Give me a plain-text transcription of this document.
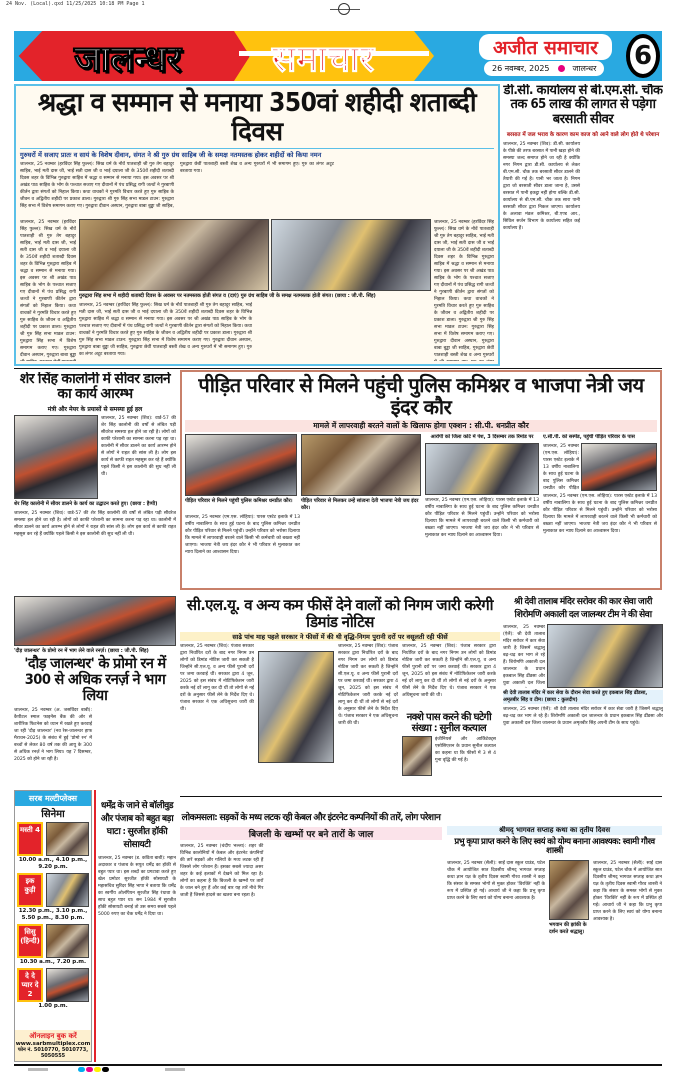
24 Nov. (Local).qxd 11/25/2025 10:18 PM Page 1
जालन्धर	समाचार	अजीत समाचार
26 नवम्बर, 2025	जालन्धर	6
श्रद्धा व सम्मान से मनाया 350वां शहीदी शताब्दी दिवस
गुरुघरों में सजाए प्रातः व सायं के विशेष दीवान, संगत ने श्री गुरु ग्रंथ साहिब जी के समक्ष नतमस्तक होकर शहीदों को किया नमन
जालन्धर, 25 नवम्बर (हरविंदर सिंह फुल्ल): सिख धर्म के नौवें पातशाही श्री गुरु तेग बहादुर साहिब, भाई मती दास जी, भाई सती दास जी व भाई दयाला जी के 350वें शहीदी शताब्दी दिवस शहर के विभिन्न गुरुद्वारा साहिब में श्रद्धा व सम्मान से मनाया गया। इस अवसर पर श्री अखंड पाठ साहिब के भोग के पश्चात सजाए गए दीवानों में पंथ प्रसिद्ध रागी जत्थों ने गुरबाणी कीर्तन द्वारा संगतों को निहाल किया। कथा वाचकों ने गुरमति विचार करते हुए गुरु साहिब के जीवन व अद्वितीय शहीदी पर प्रकाश डाला। गुरुद्वारा श्री गुरु सिंह सभा माडल टाउन: गुरुद्वारा सिंह सभा में विशेष समागम कराए गए। गुरुद्वारा दीवान अस्थान, गुरुद्वारा बाबा बुड्ढा जी साहिब, गुरुद्वारा छेवीं पातशाही बस्ती शेख व अन्य गुरुघरों में भी समागम हुए। गुरु का लंगर अटूट बरताया गया।
जालन्धर, 25 नवम्बर (हरविंदर सिंह फुल्ल): सिख धर्म के नौवें पातशाही श्री गुरु तेग बहादुर साहिब, भाई मती दास जी, भाई सती दास जी व भाई दयाला जी के 350वें शहीदी शताब्दी दिवस शहर के विभिन्न गुरुद्वारा साहिब में श्रद्धा व सम्मान से मनाया गया। इस अवसर पर श्री अखंड पाठ साहिब के भोग के पश्चात सजाए गए दीवानों में पंथ प्रसिद्ध रागी जत्थों ने गुरबाणी कीर्तन द्वारा संगतों को निहाल किया। कथा वाचकों ने गुरमति विचार करते हुए गुरु साहिब के जीवन व अद्वितीय शहीदी पर प्रकाश डाला। गुरुद्वारा श्री गुरु सिंह सभा माडल टाउन: गुरुद्वारा सिंह सभा में विशेष समागम कराए गए। गुरुद्वारा दीवान अस्थान, गुरुद्वारा बाबा बुड्ढा
गुरुद्वारा सिंह सभा में शहीदी शताब्दी दिवस के अवसर पर नतमस्तक होती संगत व (दाएं) गुरु ग्रंथ साहिब जी के समक्ष नतमस्तक होती संगत। (छाया : जी.पी. सिंह)
जालन्धर, 25 नवम्बर (हरविंदर सिंह फुल्ल): सिख धर्म के नौवें पातशाही श्री गुरु तेग बहादुर साहिब, भाई मती दास जी, भाई सती दास जी व भाई दयाला जी के 350वें शहीदी शताब्दी दिवस शहर के विभिन्न गुरुद्वारा साहिब में श्रद्धा व सम्मान से मनाया गया। इस अवसर पर श्री अखंड पाठ साहिब के भोग के पश्चात सजाए गए दीवानों में पंथ प्रसिद्ध रागी जत्थों ने गुरबाणी कीर्तन द्वारा संगतों को निहाल किया। कथा वाचकों ने गुरमति विचार करते हुए गुरु साहिब के जीवन व अद्वितीय शहीदी पर प्रकाश डाला। गुरुद्वारा श्री गुरु सिंह सभा माडल टाउन: गुरुद्वारा सिंह सभा में विशेष समागम कराए गए। गुरुद्वारा दीवान अस्थान, गुरुद्वारा बाबा बुड्ढा जी साहिब, गुरुद्वारा छेवीं पातशाही बस्ती शेख व अन्य गुरुघरों में भी समागम हुए। गुरु का लंगर अटूट बरताया गया।
जालन्धर, 25 नवम्बर (हरविंदर सिंह फुल्ल): सिख धर्म के नौवें पातशाही श्री गुरु तेग बहादुर साहिब, भाई मती दास जी, भाई सती दास जी व भाई दयाला जी के 350वें शहीदी शताब्दी दिवस शहर के विभिन्न गुरुद्वारा साहिब में श्रद्धा व सम्मान से मनाया गया। इस अवसर पर श्री अखंड पाठ साहिब के भोग के पश्चात सजाए गए दीवानों में पंथ प्रसिद्ध रागी जत्थों ने गुरबाणी कीर्तन द्वारा संगतों को निहाल किया। कथा वाचकों ने गुरमति विचार करते हुए गुरु साहिब के जीवन व अद्वितीय शहीदी पर प्रकाश डाला। गुरुद्वारा श्री गुरु सिंह सभा माडल टाउन: गुरुद्वारा सिंह सभा में विशेष समागम कराए गए। गुरुद्वारा दीवान अस्थान, गुरुद्वारा बाबा बुड्ढा जी साहिब, गुरुद्वारा छेवीं पातशाही बस्ती शेख व अन्य गुरुघरों
डी.सी. कार्यालय से बी.एम.सी. चौक तक 65 लाख की लागत से पड़ेगा बरसाती सीवर
बरसात में जल भराव के कारण काम काज को आने वाले लोग होते थे परेशान
जालन्धर, 25 नवम्बर (शिव): डी.सी. कार्यालय के पीछे की तरफ बरसात में पानी खड़ा होने की समस्या जल्द समाप्त होने जा रही है क्योंकि नगर निगम द्वारा डी.सी. कार्यालय से लेकर बी.एम.सी. चौक तक बरसाती सीवर डालने की तैयारी की गई है। पानी भर जाता है। निगम द्वारा जो बरसाती सीवर डाला जाना है, उससे बरसात में पानी इकट्ठा नहीं होगा बल्कि डी.सी. कार्यालय से बी.एम.सी. चौक तक सारा पानी बरसाती सीवर द्वारा निकल जाएगा। कार्यालय के अलावा मंडल कमिश्नर, बी.एण्ड आर., सिविल सर्जन विभाग के कार्यालय सहित कई कार्यालय हैं।
शेर सिंह कालोनी में सीवर डालने का कार्य आरम्भ
मंत्री और मेयर के प्रयासों से समस्या हुई हल
जालन्धर, 25 नवम्बर (शिव): वार्ड-57 की शेर सिंह कालोनी की वर्षों से लंबित पड़ी सीवरेज समस्या हल होने जा रही है। लोगों को काफी परेशानी का सामना करना पड़ रहा था। कालोनी में सीवर डालने का कार्य आरम्भ होने से लोगों ने राहत की सांस ली है। लोग इस कार्य से काफी राहत महसूस कर रहे हैं क्योंकि पहले किसी ने इस कालोनी की सुध नहीं ली थी।
शेर सिंह कालोनी में सीवर डालने के कार्य का उद्घाटन करते हुए। (छाया : हैप्पी)
जालन्धर, 25 नवम्बर (शिव): वार्ड-57 की शेर सिंह कालोनी की वर्षों से लंबित पड़ी सीवरेज समस्या हल होने जा रही है। लोगों को काफी परेशानी का सामना करना पड़ रहा था। कालोनी में सीवर डालने का कार्य आरम्भ होने से लोगों ने राहत की सांस ली है। लोग इस कार्य से काफी राहत महसूस कर रहे हैं क्योंकि पहले किसी ने इस कालोनी की सुध नहीं ली थी।
पीड़ित परिवार से मिलने पहुंची पुलिस कमिश्नर व भाजपा नेत्री जय इंदर कौर
मामले में लापरवाही बरतने वालों के खिलाफ होगा एक्शन : सी.पी. धनप्रीत कौर
पीड़ित परिवार से मिलने पहुंचीं पुलिस कमिश्नर धनप्रीत कौर।	पीड़ित परिवार से मिलकर उन्हें सांत्वना देती भाजपा नेत्री जय इंदर कौर।
जालन्धर, 25 नवम्बर (एम.एस. लोहिया): पारस एस्टेट इलाके में 13 वर्षीय नाबालिगा के साथ हुई घटना के बाद पुलिस कमिश्नर धनप्रीत कौर पीड़ित परिवार से मिलने पहुंचीं। उन्होंने परिवार को भरोसा दिलाया कि मामले में लापरवाही बरतने वाले किसी भी कर्मचारी को बख्शा नहीं जाएगा। भाजपा नेत्री जय इंदर कौर ने भी परिवार से मुलाकात कर न्याय दिलाने का आश्वासन दिया।
आरोपी को जिला कोर्ट में पेश, 3 दिसम्बर तक रिमांड पर
जालन्धर, 25 नवम्बर (एम.एस. लोहिया): पारस एस्टेट इलाके में 13 वर्षीय नाबालिगा के साथ हुई घटना के बाद पुलिस कमिश्नर धनप्रीत कौर पीड़ित परिवार से मिलने पहुंचीं। उन्होंने परिवार को भरोसा दिलाया कि मामले में लापरवाही बरतने वाले किसी भी कर्मचारी को बख्शा नहीं जाएगा। भाजपा नेत्री जय इंदर कौर ने भी परिवार से मुलाकात कर न्याय दिलाने का आश्वासन दिया।
ए.सी.पी. को सस्पेंड, पहुंची पीड़ित परिवार के पास
जालन्धर, 25 नवम्बर (एम.एस. लोहिया): पारस एस्टेट इलाके में 13 वर्षीय नाबालिगा के साथ हुई घटना के बाद पुलिस कमिश्नर धनप्रीत कौर पीड़ित
जालन्धर, 25 नवम्बर (एम.एस. लोहिया): पारस एस्टेट इलाके में 13 वर्षीय नाबालिगा के साथ हुई घटना के बाद पुलिस कमिश्नर धनप्रीत कौर पीड़ित परिवार से मिलने पहुंचीं। उन्होंने परिवार को भरोसा दिलाया कि मामले में लापरवाही बरतने वाले किसी भी कर्मचारी को बख्शा नहीं जाएगा। भाजपा नेत्री जय इंदर कौर ने भी परिवार से मुलाकात कर न्याय दिलाने का आश्वासन दिया।
'दौड़ जालन्धर' के प्रोमो रन में भाग लेने वाले रनर्ज़। (छाया : जी.पी. सिंह)
'दौड़ जालन्धर' के प्रोमो रन में 300 से अधिक रनर्ज़ ने भाग लिया
जालन्धर, 25 नवम्बर (अ. जसविंदर बाबी): कैपीटल स्माल फाइनेंस बैंक की ओर से शारीरिक फिटनेस को ध्यान में रखते हुए करवाई जा रही 'दौड़ जालन्धर' (नव रेस-जालन्धर हाफ मैराथन-2025) के संबंध में हुई 'प्रोमो रन' में बच्चों से लेकर 80 वर्ष तक की आयु के 300 से अधिक रनर्ज़ ने भाग लिया। यह 7 दिसम्बर, 2025 को होने जा रही है।
सरब मल्टीप्लेक्स
सिनेमा
मस्ती 4
10.00 a.m., 4.10 p.m., 9.20 p.m.
इक कुड़ी
12.30 p.m., 3.10 p.m., 5.50 p.m., 8.30 p.m.
सिसु (हिन्दी)
10.30 a.m., 7.20 p.m.
दे दे प्यार दे 2
1.00 p.m.
ऑनलाइन बुक करें
www.sarbmultiplex.com
फोन नं. 5010770, 5010773, 5050555
धर्मेंद्र के जाने से बॉलीवुड और पंजाब को बहुत बड़ा घाटा : सुरजीत हॉकी सोसायटी
जालन्धर, 25 नवम्बर (ड. कविता बाबी): महान अदाकार व पंजाब के सपूत धर्मेंद्र का हॉकी से बहुत प्यार था। इस शब्दों का प्रगटावा करते हुए खेल प्रमोटर सुरजीत हॉकी सोसायटी के महासचिव सुरिंदर सिंह भापा ने बताया कि धर्मेंद्र का स्वर्गीय ओलंपियन सुरजीत सिंह रंधावा के साथ बहुत प्यार था। सन 1984 में सुरजीत हॉकी सोसायटी बनाई तो उस समय सबसे पहले 5000 रुपए का चैक धर्मेंद्र ने दिया था।
सी.एल.यू. व अन्य कम फीसें देने वालों को निगम जारी करेगी डिमांड नोटिस
साढे पांच माह पहले सरकार ने फीसों में की थी वृद्धि-निगम पुरानी दरों पर वसूलती रही फीसें
जालन्धर, 25 नवम्बर (शिव): पंजाब सरकार द्वारा निर्धारित दरों के बाद नगर निगम उन लोगों को डिमांड नोटिस जारी कर सकती है जिन्होंने सी.एल.यू. व अन्य फीसें पुरानी दरों पर जमा करवाई थीं। सरकार द्वारा 4 जून, 2025 को इस संबंध में नोटिफिकेशन जारी करके नई दरें लागू कर दी थीं तो लोगों से नई दरों के अनुसार फीसें लेने के निर्देश दिए थे। पंजाब सरकार ने एक अधिसूचना जारी की थी।
जालन्धर, 25 नवम्बर (शिव): पंजाब सरकार द्वारा निर्धारित दरों के बाद नगर निगम उन लोगों को डिमांड नोटिस जारी कर सकती है जिन्होंने सी.एल.यू. व अन्य फीसें पुरानी दरों पर जमा करवाई थीं। सरकार द्वारा 4 जून, 2025 को इस संबंध में नोटिफिकेशन जारी करके नई दरें लागू कर दी थीं तो लोगों से नई दरों के अनुसार फीसें लेने के निर्देश दिए थे। पंजाब सरकार ने एक अधिसूचना जारी की थी।
जालन्धर, 25 नवम्बर (शिव): पंजाब सरकार द्वारा निर्धारित दरों के बाद नगर निगम उन लोगों को डिमांड नोटिस जारी कर सकती है जिन्होंने सी.एल.यू. व अन्य फीसें पुरानी दरों पर जमा करवाई थीं। सरकार द्वारा 4 जून, 2025 को इस संबंध में नोटिफिकेशन जारी करके नई दरें लागू कर दी थीं तो लोगों से नई दरों के अनुसार फीसें लेने के निर्देश दिए थे। पंजाब सरकार ने एक अधिसूचना जारी की थी।
नक्शे पास करने की घटेगी संख्या : सुनील कत्याल
इंजीनियर्स और आर्किटेक्ट्स एसोसिएशन के प्रधान सुनील कत्याल का कहना था कि फीसों में 3 से 4 गुना वृद्धि की गई है।
श्री देवी तालाब मंदिर सरोवर की कार सेवा जारी शिरोमणि अकाली दल जालन्धर टीम ने की सेवा
जालन्धर, 25 नवम्बर (ऐलैं): श्री देवी तालाब मंदिर सरोवर में कार सेवा जारी है जिसमें श्रद्धालु बढ़-चढ़ कर भाग ले रहे हैं। शिरोमणि अकाली दल जालन्धर के प्रधान इकबाल सिंह ढींडसा और युवा अकाली दल जिला
श्री देवी तालाब मंदिर में कार सेवा के दौरान सेवा करते हुए इकबाल सिंह ढींडसा, अमृतबीर सिंह व टीम। (छाया : कुलदीप)
जालन्धर, 25 नवम्बर (ऐलैं): श्री देवी तालाब मंदिर सरोवर में कार सेवा जारी है जिसमें श्रद्धालु बढ़-चढ़ कर भाग ले रहे हैं। शिरोमणि अकाली दल जालन्धर के प्रधान इकबाल सिंह ढींडसा और युवा अकाली दल जिला जालन्धर के प्रधान अमृतबीर सिंह अपनी टीम के साथ पहुंचे।
लोकमसला: सड़कों के मध्य लटक रही केबल और इंटरनेट कम्पनियों की तारें, लोग परेशान
बिजली के खम्भों पर बने तारों के जाल
जालन्धर, 25 नवम्बर (चंदीप भल्ला): शहर की विभिन्न कालोनियों में केबल और इंटरनेट कंपनियों की तारें सड़कों और गलियों के मध्य लटक रही हैं जिससे लोग परेशान हैं। इसका सबसे ज्यादा असर शहर के कई इलाकों में देखने को मिल रहा है। लोगों का कहना है कि बिजली के खम्भों पर तारों के जाल बने हुए हैं और कई बार यह तारें नीचे गिर जाती हैं जिससे हादसे का खतरा बना रहता है।
श्रीमद् भागवत सप्ताह कथा का तृतीय दिवस
प्रभु कृपा प्राप्त करने के लिए स्वयं को योग्य बनाना आवश्यक: स्वामी गौरव शास्त्री
जालन्धर, 25 नवम्बर (सैली): साईं दास स्कूल ग्राउंड, पटेल चौक में आयोजित सात दिवसीय श्रीमद् भागवत सप्ताह कथा ज्ञान यज्ञ के तृतीय दिवस स्वामी गौरव शास्त्री ने कहा कि संसार के समस्त भोगों से मुक्त होकर 'विरक्ति' नहीं के रूप में प्रस्थित हो गई। आचार्य जी ने कहा कि प्रभु कृपा प्राप्त करने के लिए स्वयं को योग्य बनाना आवश्यक है।
भगवान की झांकी के दर्शन करते श्रद्धालु।
जालन्धर, 25 नवम्बर (सैली): साईं दास स्कूल ग्राउंड, पटेल चौक में आयोजित सात दिवसीय श्रीमद् भागवत सप्ताह कथा ज्ञान यज्ञ के तृतीय दिवस स्वामी गौरव शास्त्री ने कहा कि संसार के समस्त भोगों से मुक्त होकर 'विरक्ति' नहीं के रूप में प्रस्थित हो गई। आचार्य जी ने कहा कि प्रभु कृपा प्राप्त करने के लिए स्वयं को योग्य बनाना आवश्यक है।
